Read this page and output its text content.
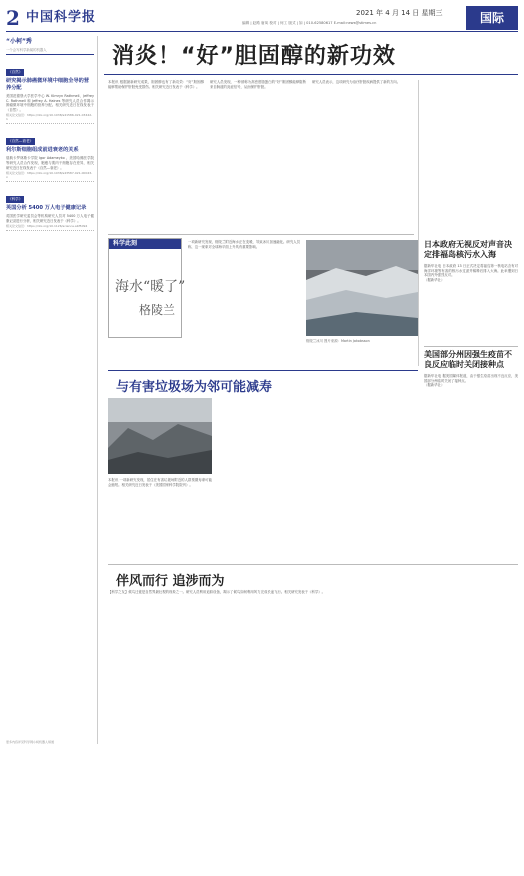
2 中国科学报	2021 年 4 月 14 日 星期三
编辑 | 赵路 唐凤 校对 | 何工 版式 | 如 | 010-62580617 E-mail:news@stimes.cn	国际
“小柯”秀
一个会写科学新闻的机器人
《自然》
研究揭示肺癌微环境中细胞全导的营养分配
美国范德堡大学医学中心 W. Kimryn Rathmell、Jeffrey C. Rathmell 和 Jeffrey A. Haines 等研究人员合作揭示肿瘤微环境中细胞的营养分配。相关研究近日在线发表于《自然》。
相关论文信息：https://doi.org/10.1038/s41586-021-03442-1
《自然—衰老》
利尔斯细胞组成前进衰老的关系
瑞典卡罗林斯卡学院 Igor Adameyko 、美国哈佛医学院等研究人员合作发现，胞瘦与肌肉干细胞存在差异，相关研究近日在线发表于《自然—衰老》。
相关论文信息：https://doi.org/10.1038/s43587-021-00043-x
《科学》
英国分析 5400 万人电子健康记录
英国医学研究委员会等机构研究人员对 5400 万人电子健康记录进行分析，相关研究近日发表于《科学》。
相关论文信息：https://doi.org/10.1126/science.abf5094
更多内容详见科学网小柯机器人频道
消炎！“好”胆固醇的新功效
本报讯 根据最新研究成果，胆固醇也有了新功效：“好”胆固醇能够帮助保护肝脏免受损伤。相关研究近日发表于《科学》。
研究人员发现，一种被称为高密度脂蛋白的“好”胆固醇能够阻断来自肠道的炎症信号，从而保护肝脏。
研究人员表示，这项研究为治疗肝脏疾病提供了新的方向。
科学此刻
海水“暖了”
格陵兰
一项新研究发现，格陵兰附近海水正在变暖，导致冰川加速融化。研究人员称，这一现象对全球海平面上升具有重要影响。
格陵兰冰川 图片来源：Martin Jakobsson
日本政府无视反对声音决定排福岛核污水入海
据新华社电 日本政府 13 日正式决定将福岛第一核电站含有对海洋环境等有害的核污水过滤并稀释后排入大海。此举遭到日本国内外强烈反对。
（据新华社）
美国部分州因强生疫苗不良反应临时关闭接种点
据新华社电 据美国媒体报道，由于强生疫苗出现不良反应，美国部分州临时关闭了接种点。
（据新华社）
与有害垃圾场为邻可能减寿
图片来源：unsplash
本报讯 一项新研究发现，居住在有害垃圾场附近的人群预期寿命可能会缩短。相关研究近日发表于《美国国家科学院院刊》。
伴风而行 追涉而为
【科学之友】候鸟迁徙是自然界最壮观的现象之一。研究人员利用追踪设备，揭示了候鸟如何利用风力完成长途飞行。相关研究发表于《科学》。
